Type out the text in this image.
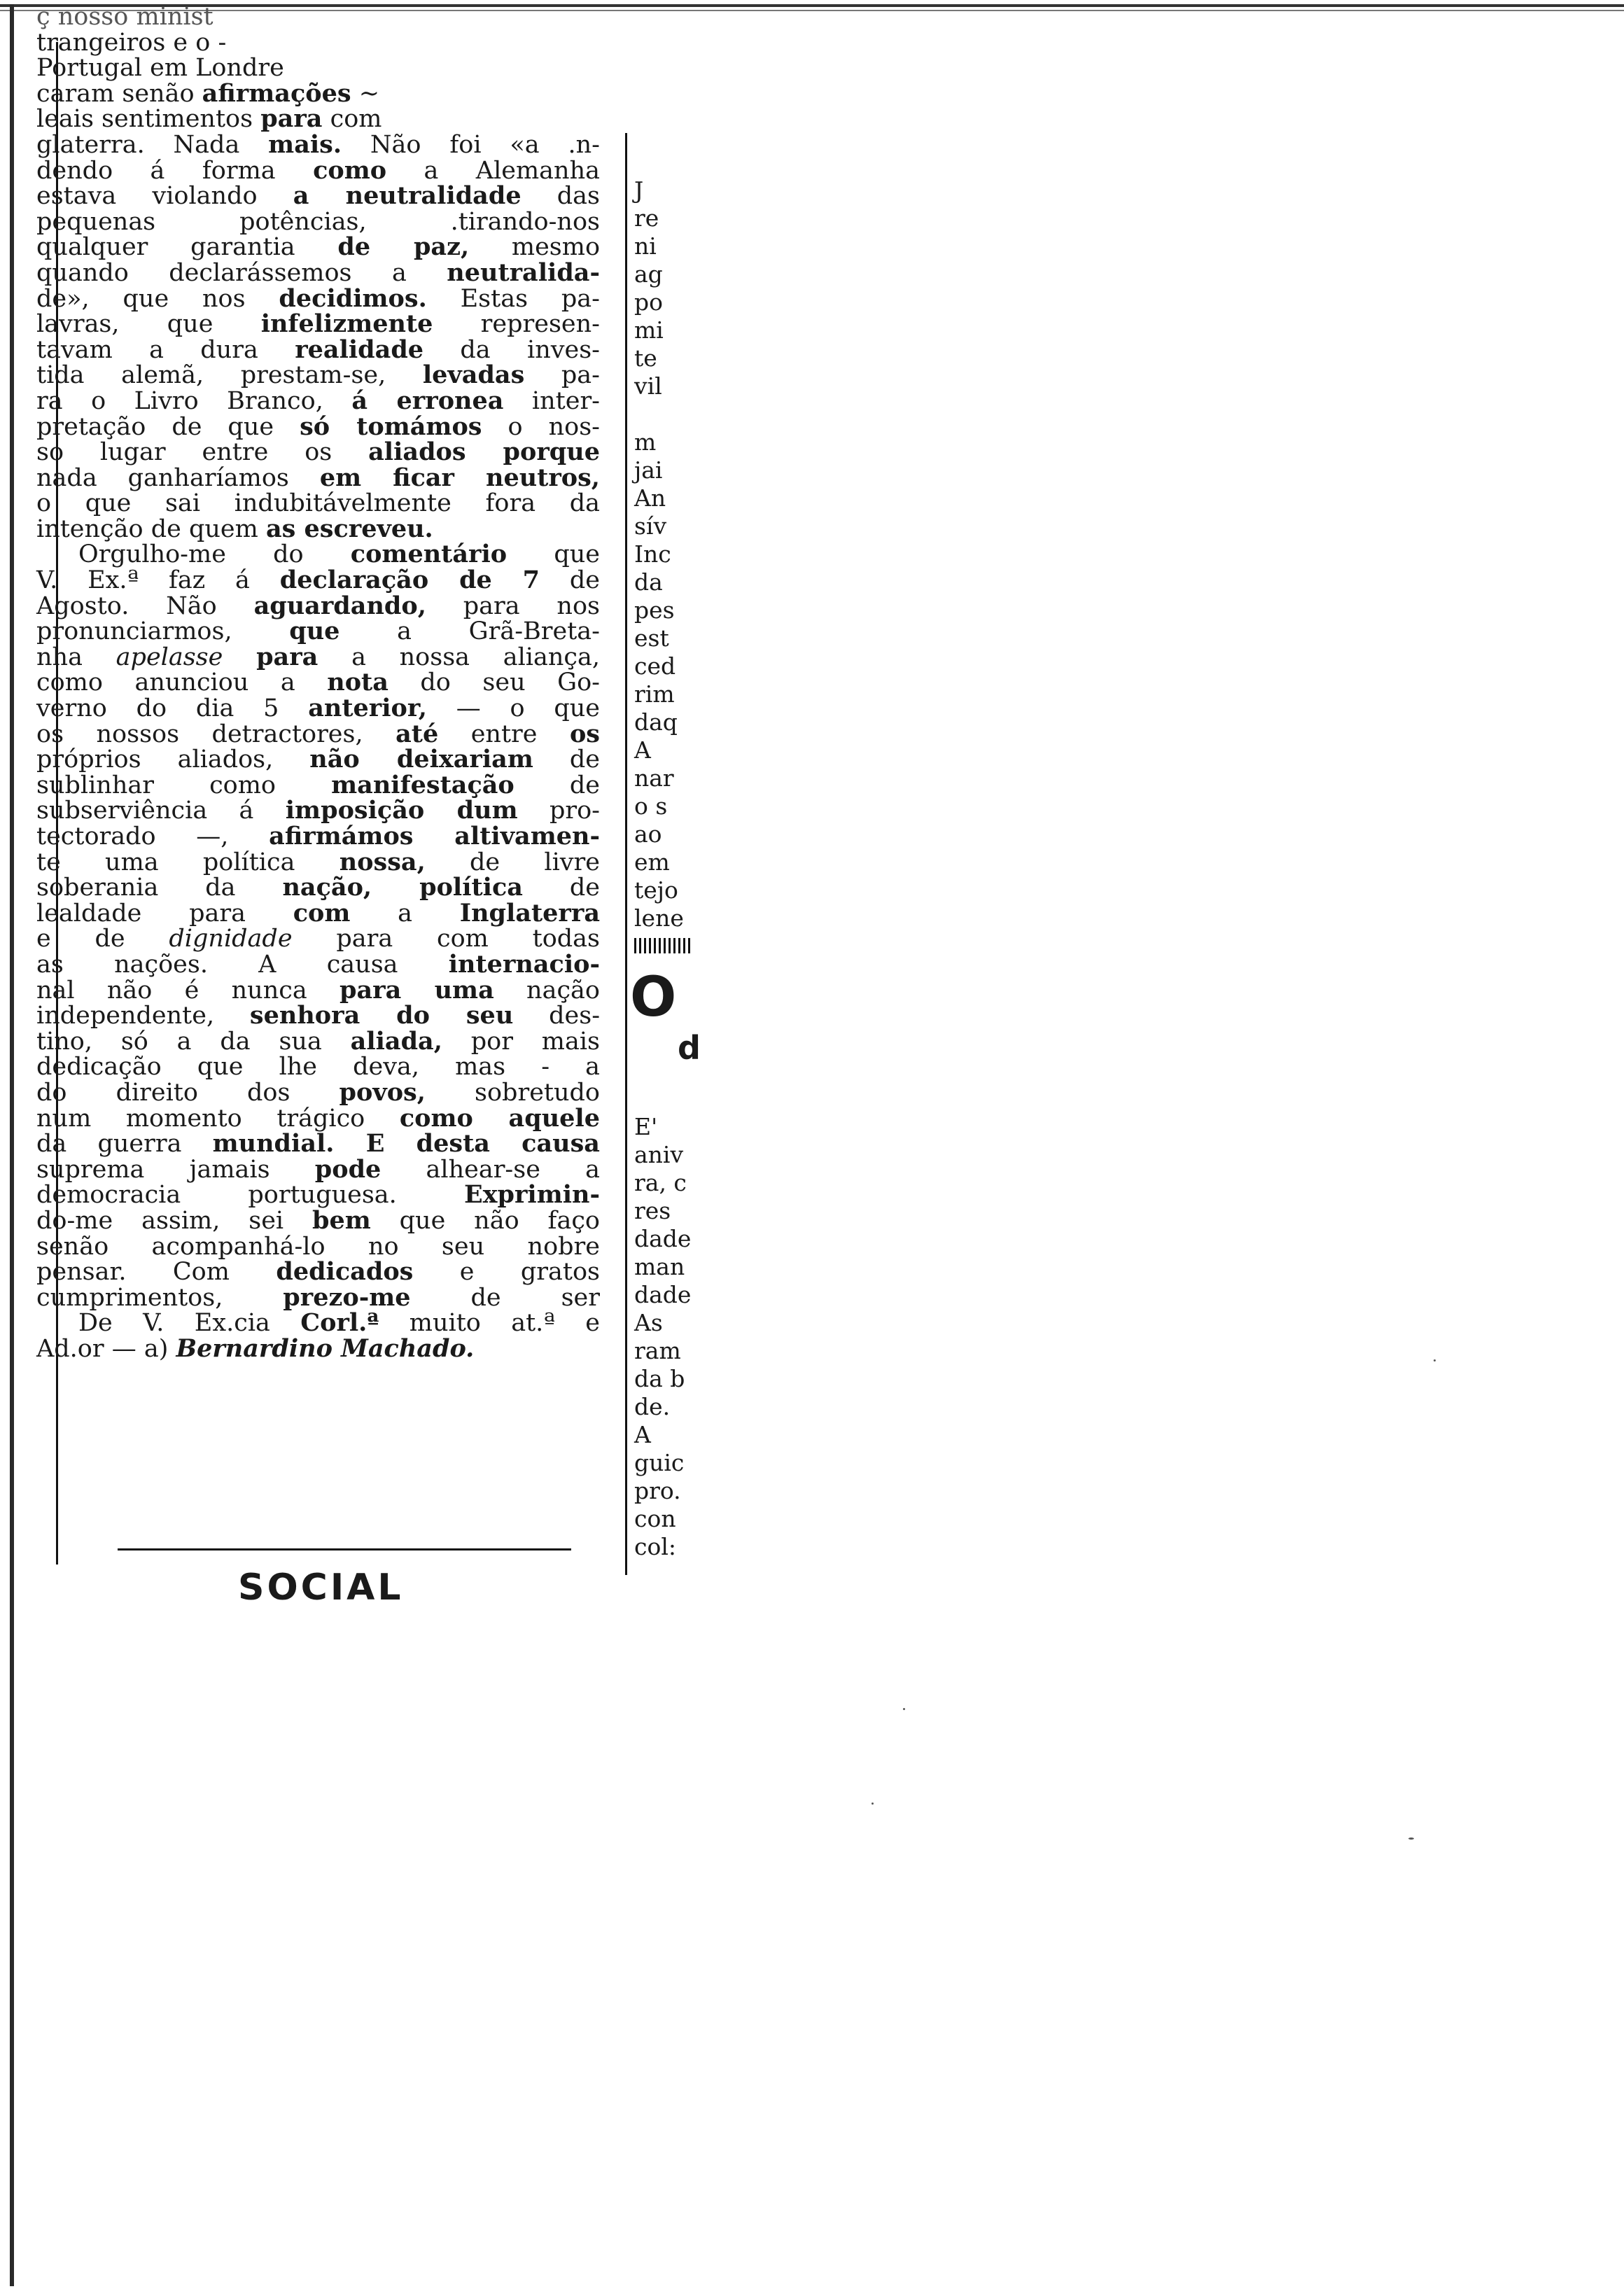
ç nosso minist
trangeiros e o -
Portugal em Londre
caram senão afirmações ~
leais sentimentos para com
glaterra. Nada mais. Não foi «a .n-
dendo á forma como a Alemanha
estava violando a neutralidade das
pequenas potências, .tirando-nos
qualquer garantia de paz, mesmo
quando declarássemos a neutralida-
de», que nos decidimos. Estas pa-
lavras, que infelizmente represen-
tavam a dura realidade da inves-
tida alemã, prestam-se, levadas pa-
ra o Livro Branco, á erronea inter-
pretação de que só tomámos o nos-
so lugar entre os aliados porque
nada ganharíamos em ficar neutros,
o que sai indubitávelmente fora da
intenção de quem as escreveu.
Orgulho-me do comentário que
V. Ex.ª faz á declaração de 7 de
Agosto. Não aguardando, para nos
pronunciarmos, que a Grã-Breta-
nha apelasse para a nossa aliança,
como anunciou a nota do seu Go-
verno do dia 5 anterior, — o que
os nossos detractores, até entre os
próprios aliados, não deixariam de
sublinhar como manifestação de
subserviência á imposição dum pro-
tectorado —, afirmámos altivamen-
te uma política nossa, de livre
soberania da nação, política de
lealdade para com a Inglaterra
e de dignidade para com todas
as nações. A causa internacio-
nal não é nunca para uma nação
independente, senhora do seu des-
tino, só a da sua aliada, por mais
dedicação que lhe deva, mas - a
do direito dos povos, sobretudo
num momento trágico como aquele
da guerra mundial. E desta causa
suprema jamais pode alhear-se a
democracia portuguesa. Exprimin-
do-me assim, sei bem que não faço
senão acompanhá-lo no seu nobre
pensar. Com dedicados e gratos
cumprimentos, prezo-me de ser
De V. Ex.cia Corl.ª muito at.ª e
Ad.or — a) Bernardino Machado.
SOCIAL
J
re
ni
ag
po
mi
te
vil

m
jai
An
sív
Inc
da
pes
est
ced
rim
daq
A
nar
o s
ao
em
tejo
lene
O
d
E'
aniv
ra, c
res
dade
man
dade
As
ram
da b
de.
A
guic
pro.
con
col:
